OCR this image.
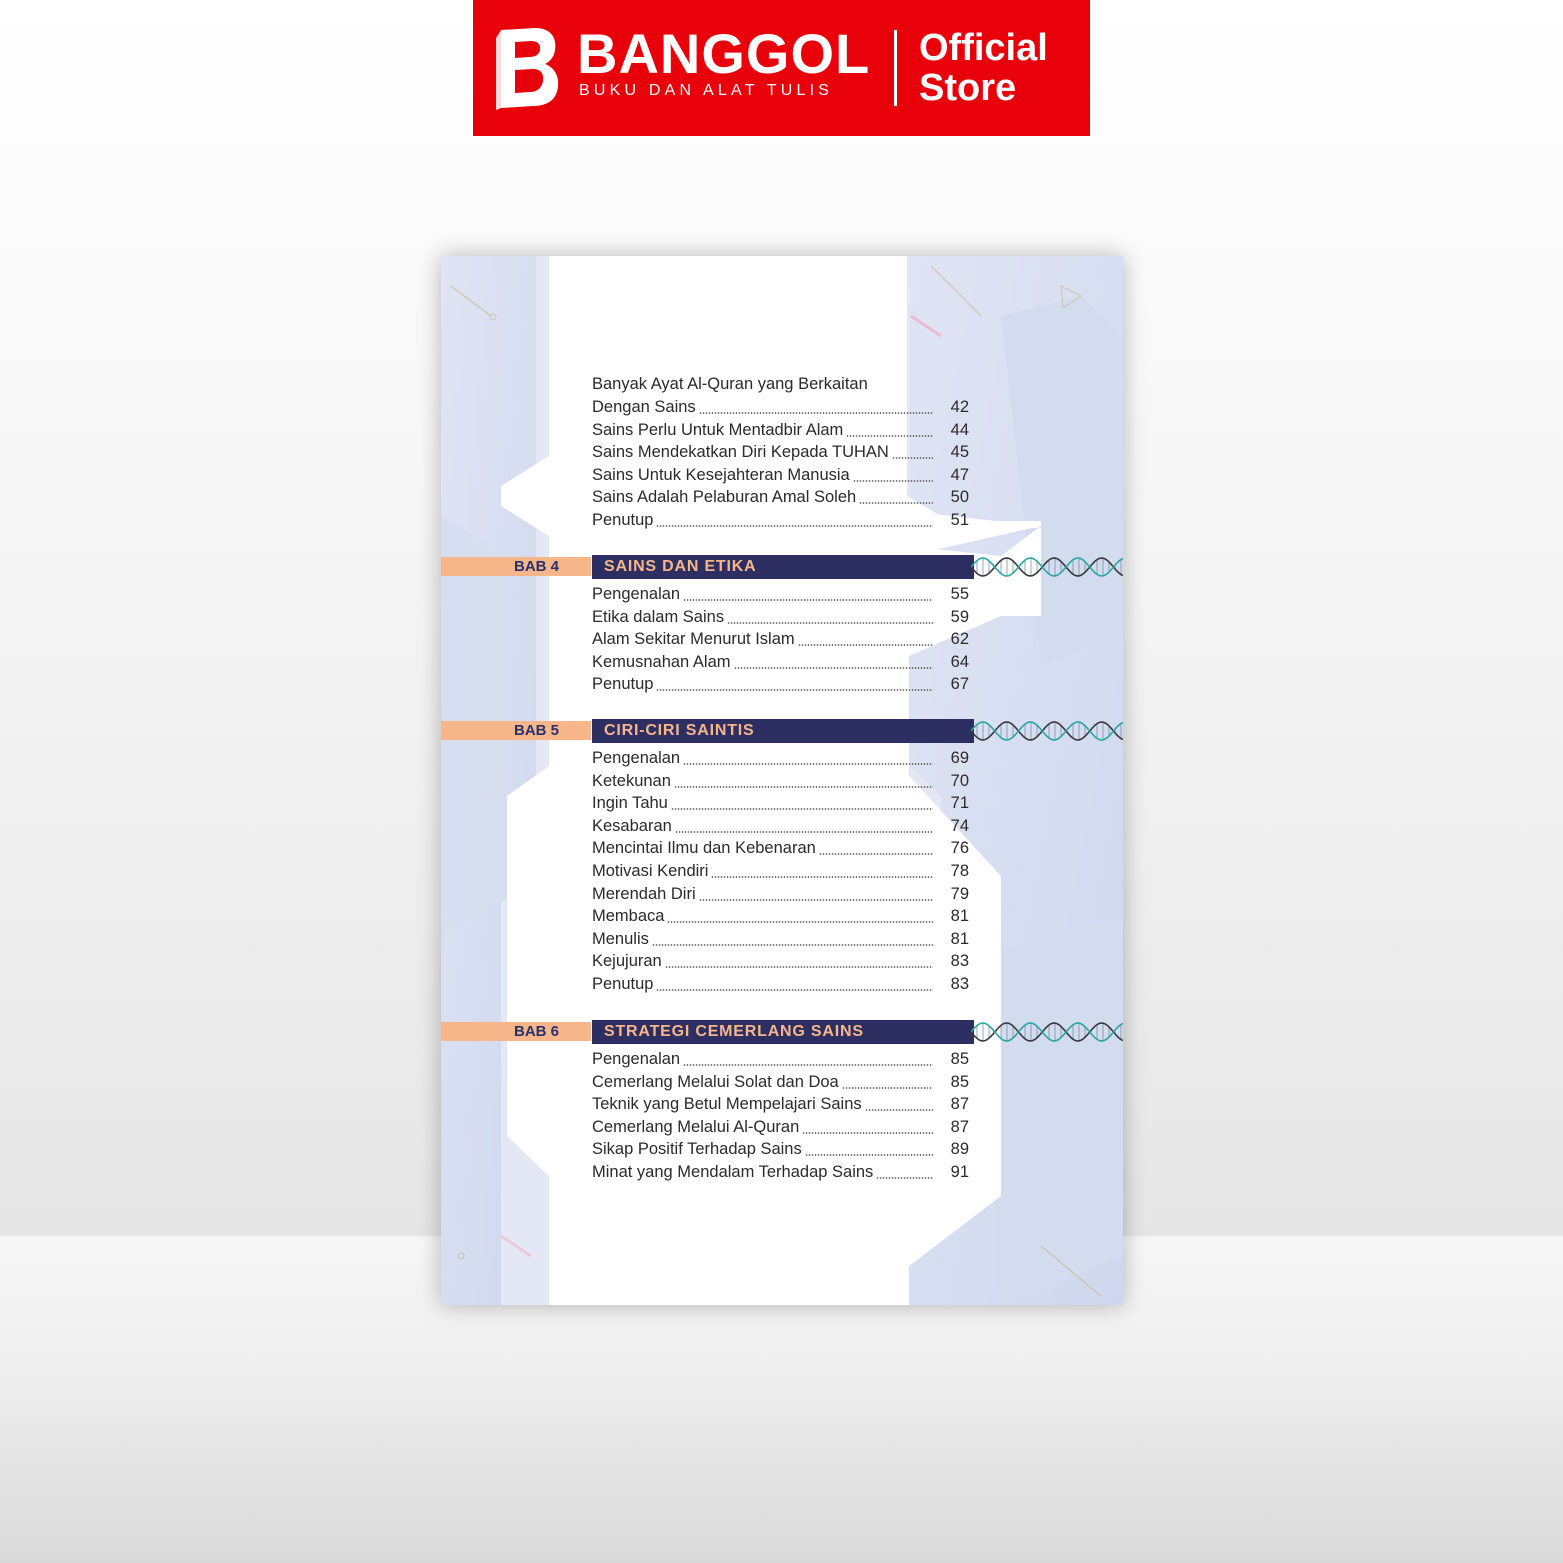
BANGGOL
BUKU DAN ALAT TULIS
Official
Store
Banyak Ayat Al-Quran yang Berkaitan
Dengan Sains	42
Sains Perlu Untuk Mentadbir Alam	44
Sains Mendekatkan Diri Kepada TUHAN	45
Sains Untuk Kesejahteran Manusia	47
Sains Adalah Pelaburan Amal Soleh	50
Penutup	51
BAB 4	SAINS DAN ETIKA
Pengenalan	55
Etika dalam Sains	59
Alam Sekitar Menurut Islam	62
Kemusnahan Alam	64
Penutup	67
BAB 5	CIRI-CIRI SAINTIS
Pengenalan	69
Ketekunan	70
Ingin Tahu	71
Kesabaran	74
Mencintai Ilmu dan Kebenaran	76
Motivasi Kendiri	78
Merendah Diri	79
Membaca	81
Menulis	81
Kejujuran	83
Penutup	83
BAB 6	STRATEGI CEMERLANG SAINS
Pengenalan	85
Cemerlang Melalui Solat dan Doa	85
Teknik yang Betul Mempelajari Sains	87
Cemerlang Melalui Al-Quran	87
Sikap Positif Terhadap Sains	89
Minat yang Mendalam Terhadap Sains	91
